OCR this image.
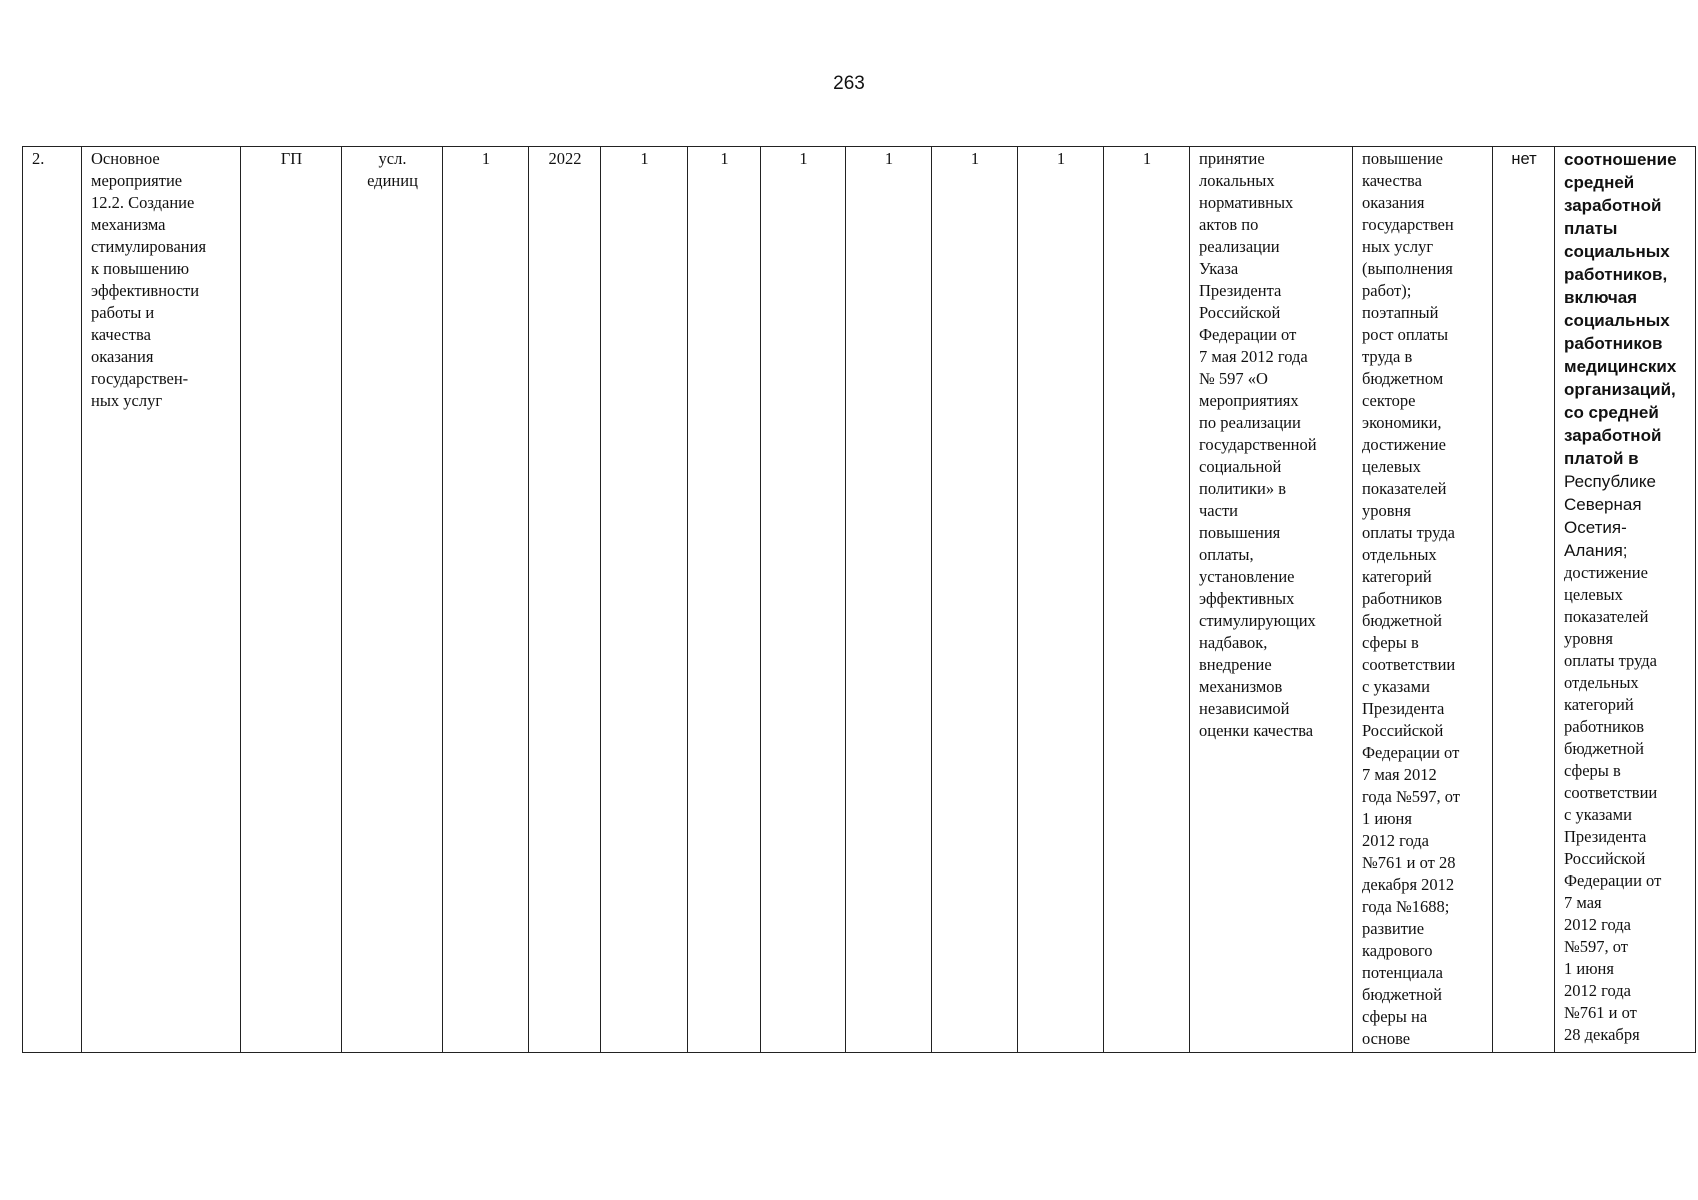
263
2.	Основное
мероприятие
12.2. Создание
механизма
стимулирования
к повышению
эффективности
работы и
качества
оказания
государствен-
ных услуг	ГП	усл.
единиц	1	2022	1	1	1	1	1	1	1	принятие
локальных
нормативных
актов по
реализации
Указа
Президента
Российской
Федерации от
7 мая 2012 года
№ 597 «О
мероприятиях
по реализации
государственной
социальной
политики» в
части
повышения
оплаты,
установление
эффективных
стимулирующих
надбавок,
внедрение
механизмов
независимой
оценки качества	повышение
качества
оказания
государствен
ных услуг
(выполнения
работ);
поэтапный
рост оплаты
труда в
бюджетном
секторе
экономики,
достижение
целевых
показателей
уровня
оплаты труда
отдельных
категорий
работников
бюджетной
сферы в
соответствии
с указами
Президента
Российской
Федерации от
7 мая 2012
года №597, от
1 июня
2012 года
№761 и от 28
декабря 2012
года №1688;
развитие
кадрового
потенциала
бюджетной
сферы на
основе	нет	соотношение
средней
заработной
платы
социальных
работников,
включая
социальных
работников
медицинских
организаций,
со средней
заработной
платой в
Республике
Северная
Осетия-
Алания;
достижение
целевых
показателей
уровня
оплаты труда
отдельных
категорий
работников
бюджетной
сферы в
соответствии
с указами
Президента
Российской
Федерации от
7 мая
2012 года
№597, от
1 июня
2012 года
№761 и от
28 декабря
